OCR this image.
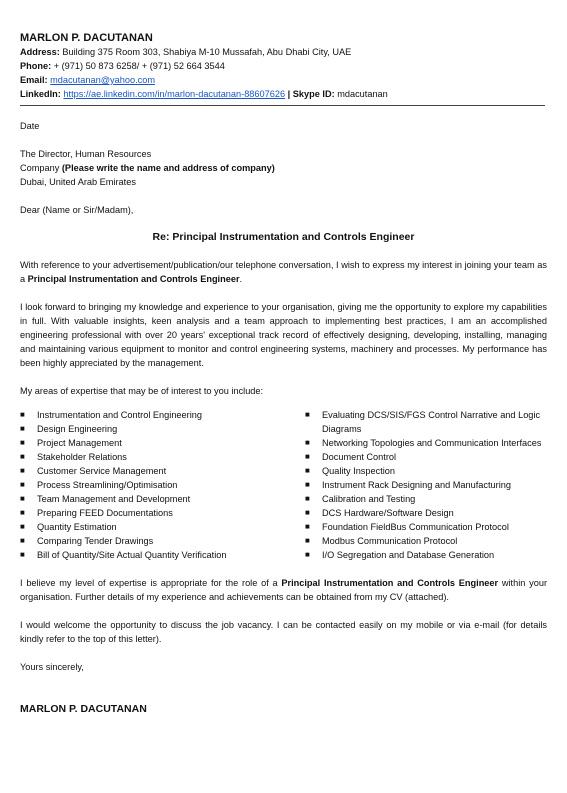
MARLON P. DACUTANAN
Address: Building 375 Room 303, Shabiya M-10 Mussafah, Abu Dhabi City, UAE
Phone: + (971) 50 873 6258/ + (971) 52 664 3544
Email: mdacutanan@yahoo.com
LinkedIn: https://ae.linkedin.com/in/marlon-dacutanan-88607626 | Skype ID: mdacutanan
Date
The Director, Human Resources
Company (Please write the name and address of company)
Dubai, United Arab Emirates
Dear (Name or Sir/Madam),
Re: Principal Instrumentation and Controls Engineer
With reference to your advertisement/publication/our telephone conversation, I wish to express my interest in joining your team as a Principal Instrumentation and Controls Engineer.
I look forward to bringing my knowledge and experience to your organisation, giving me the opportunity to explore my capabilities in full. With valuable insights, keen analysis and a team approach to implementing best practices, I am an accomplished engineering professional with over 20 years' exceptional track record of effectively designing, developing, installing, managing and maintaining various equipment to monitor and control engineering systems, machinery and processes. My performance has been highly appreciated by the management.
My areas of expertise that may be of interest to you include:
■ Instrumentation and Control Engineering
■ Design Engineering
■ Project Management
■ Stakeholder Relations
■ Customer Service Management
■ Process Streamlining/Optimisation
■ Team Management and Development
■ Preparing FEED Documentations
■ Quantity Estimation
■ Comparing Tender Drawings
■ Bill of Quantity/Site Actual Quantity Verification
■ Evaluating DCS/SIS/FGS Control Narrative and Logic Diagrams
■ Networking Topologies and Communication Interfaces
■ Document Control
■ Quality Inspection
■ Instrument Rack Designing and Manufacturing
■ Calibration and Testing
■ DCS Hardware/Software Design
■ Foundation FieldBus Communication Protocol
■ Modbus Communication Protocol
■ I/O Segregation and Database Generation
I believe my level of expertise is appropriate for the role of a Principal Instrumentation and Controls Engineer within your organisation. Further details of my experience and achievements can be obtained from my CV (attached).
I would welcome the opportunity to discuss the job vacancy. I can be contacted easily on my mobile or via e-mail (for details kindly refer to the top of this letter).
Yours sincerely,
MARLON P. DACUTANAN
